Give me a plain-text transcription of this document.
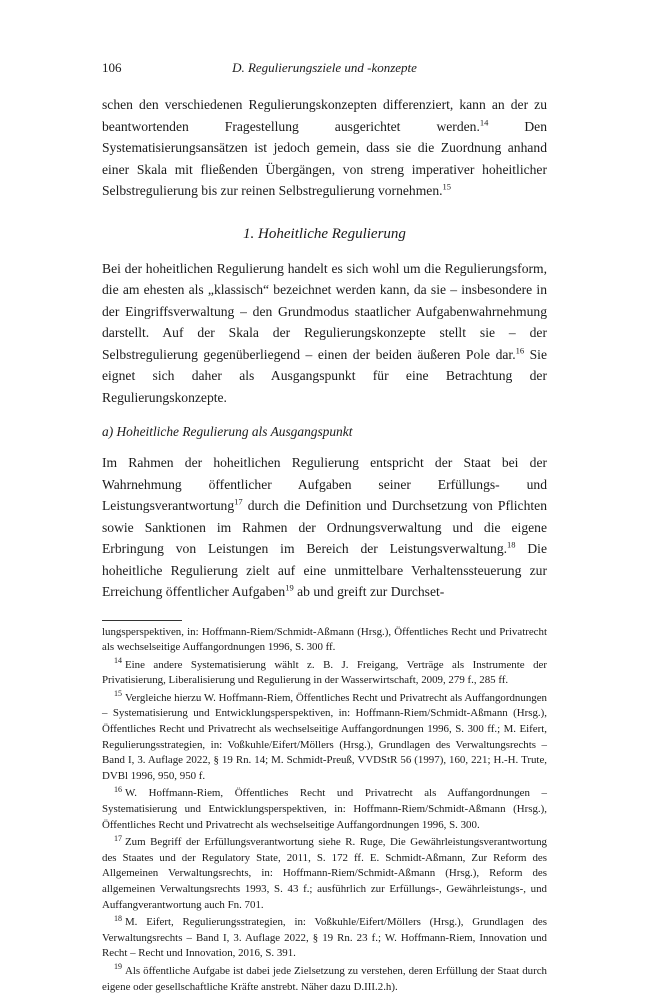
106	D. Regulierungsziele und -konzepte

schen den verschiedenen Regulierungskonzepten differenziert, kann an der zu beantwortenden Fragestellung ausgerichtet werden.$^{14}$ Den Systematisierungsansätzen ist jedoch gemein, dass sie die Zuordnung anhand einer Skala mit fließenden Übergängen, von streng imperativer hoheitlicher Selbstregulierung bis zur reinen Selbstregulierung vornehmen.$^{15}$

1. Hoheitliche Regulierung

Bei der hoheitlichen Regulierung handelt es sich wohl um die Regulierungsform, die am ehesten als „klassisch“ bezeichnet werden kann, da sie – insbesondere in der Eingriffsverwaltung – den Grundmodus staatlicher Aufgabenwahrnehmung darstellt. Auf der Skala der Regulierungskonzepte stellt sie – der Selbstregulierung gegenüberliegend – einen der beiden äußeren Pole dar.$^{16}$ Sie eignet sich daher als Ausgangspunkt für eine Betrachtung der Regulierungskonzepte.

a) Hoheitliche Regulierung als Ausgangspunkt

Im Rahmen der hoheitlichen Regulierung entspricht der Staat bei der Wahrnehmung öffentlicher Aufgaben seiner Erfüllungs- und Leistungsverantwortung$^{17}$ durch die Definition und Durchsetzung von Pflichten sowie Sanktionen im Rahmen der Ordnungsverwaltung und die eigene Erbringung von Leistungen im Bereich der Leistungsverwaltung.$^{18}$ Die hoheitliche Regulierung zielt auf eine unmittelbare Verhaltenssteuerung zur Erreichung öffentlicher Aufgaben$^{19}$ ab und greift zur Durchset-

lungsperspektiven, in: Hoffmann-Riem/Schmidt-Aßmann (Hrsg.), Öffentliches Recht und Privatrecht als wechselseitige Auffangordnungen 1996, S. 300 ff.

$^{14}$ Eine andere Systematisierung wählt z. B. J. Freigang, Verträge als Instrumente der Privatisierung, Liberalisierung und Regulierung in der Wasserwirtschaft, 2009, 279 f., 285 ff.

$^{15}$ Vergleiche hierzu W. Hoffmann-Riem, Öffentliches Recht und Privatrecht als Auffangordnungen – Systematisierung und Entwicklungsperspektiven, in: Hoffmann-Riem/Schmidt-Aßmann (Hrsg.), Öffentliches Recht und Privatrecht als wechselseitige Auffangordnungen 1996, S. 300 ff.; M. Eifert, Regulierungsstrategien, in: Voßkuhle/Eifert/Möllers (Hrsg.), Grundlagen des Verwaltungsrechts – Band I, 3. Auflage 2022, § 19 Rn. 14; M. Schmidt-Preuß, VVDStR 56 (1997), 160, 221; H.-H. Trute, DVBl 1996, 950, 950 f.

$^{16}$ W. Hoffmann-Riem, Öffentliches Recht und Privatrecht als Auffangordnungen – Systematisierung und Entwicklungsperspektiven, in: Hoffmann-Riem/Schmidt-Aßmann (Hrsg.), Öffentliches Recht und Privatrecht als wechselseitige Auffangordnungen 1996, S. 300.

$^{17}$ Zum Begriff der Erfüllungsverantwortung siehe R. Ruge, Die Gewährleistungsverantwortung des Staates und der Regulatory State, 2011, S. 172 ff. E. Schmidt-Aßmann, Zur Reform des Allgemeinen Verwaltungsrechts, in: Hoffmann-Riem/Schmidt-Aßmann (Hrsg.), Reform des allgemeinen Verwaltungsrechts 1993, S. 43 f.; ausführlich zur Erfüllungs-, Gewährleistungs-, und Auffangverantwortung auch Fn. 701.

$^{18}$ M. Eifert, Regulierungsstrategien, in: Voßkuhle/Eifert/Möllers (Hrsg.), Grundlagen des Verwaltungsrechts – Band I, 3. Auflage 2022, § 19 Rn. 23 f.; W. Hoffmann-Riem, Innovation und Recht – Recht und Innovation, 2016, S. 391.

$^{19}$ Als öffentliche Aufgabe ist dabei jede Zielsetzung zu verstehen, deren Erfüllung der Staat durch eigene oder gesellschaftliche Kräfte anstrebt. Näher dazu D.III.2.h).
